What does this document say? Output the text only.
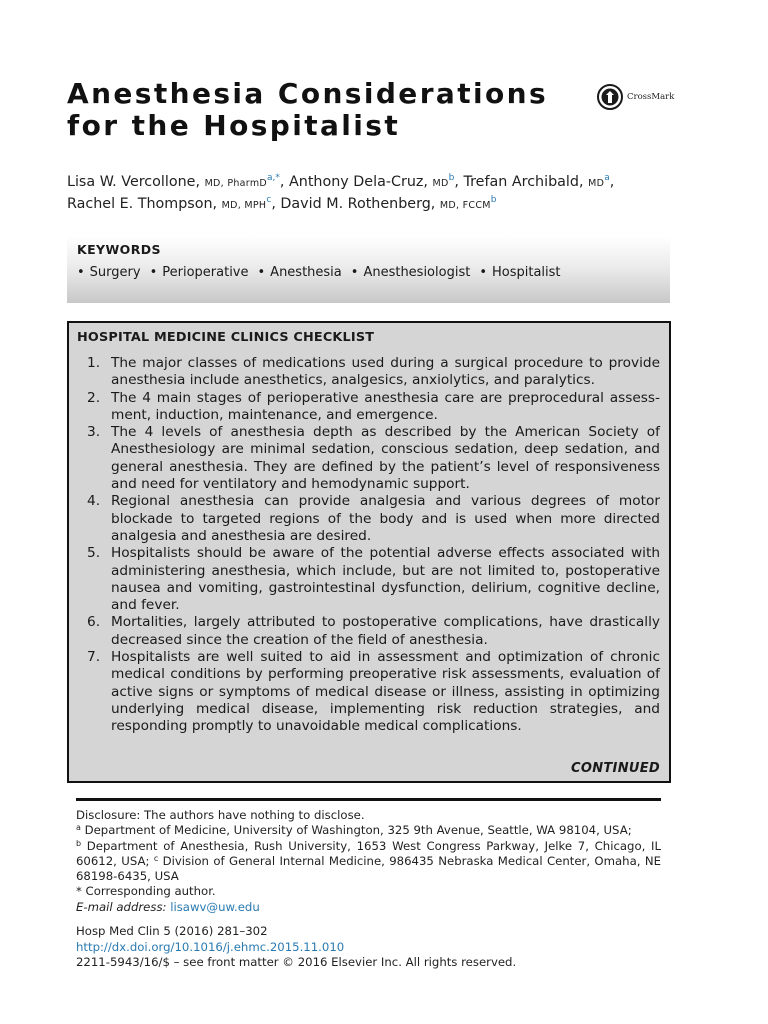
Anesthesia Considerations
for the Hospitalist
CrossMark
Lisa W. Vercollone, MD, PharmD$^{a,*}$, Anthony Dela-Cruz, $MD^b$, Trefan Archibald, $MD^a$,
Rachel E. Thompson, MD, MPH$^c$, David M. Rothenberg, MD, FCCM$^b$
KEYWORDS
• Surgery	• Perioperative	• Anesthesia	• Anesthesiologist	• Hospitalist
HOSPITAL MEDICINE CLINICS CHECKLIST
1. The major classes of medications used during a surgical procedure to provide anesthesia include anesthetics, analgesics, anxiolytics, and paralytics.
2. The 4 main stages of perioperative anesthesia care are preprocedural assessment, induction, maintenance, and emergence.
3. The 4 levels of anesthesia depth as described by the American Society of Anesthesiology are minimal sedation, conscious sedation, deep sedation, and general anesthesia. They are defined by the patient’s level of responsiveness and need for ventilatory and hemodynamic support.
4. Regional anesthesia can provide analgesia and various degrees of motor blockade to targeted regions of the body and is used when more directed analgesia and anesthesia are desired.
5. Hospitalists should be aware of the potential adverse effects associated with administering anesthesia, which include, but are not limited to, postoperative nausea and vomiting, gastrointestinal dysfunction, delirium, cognitive decline, and fever.
6. Mortalities, largely attributed to postoperative complications, have drastically decreased since the creation of the field of anesthesia.
7. Hospitalists are well suited to aid in assessment and optimization of chronic medical conditions by performing preoperative risk assessments, evaluation of active signs or symptoms of medical disease or illness, assisting in optimizing underlying medical disease, implementing risk reduction strategies, and responding promptly to unavoidable medical complications.
CONTINUED

Disclosure: The authors have nothing to disclose.

$^a$ Department of Medicine, University of Washington, 325 9th Avenue, Seattle, WA 98104, USA;
$^b$ Department of Anesthesia, Rush University, 1653 West Congress Parkway, Jelke 7, Chicago, IL 60612, USA; $^c$ Division of General Internal Medicine, 986435 Nebraska Medical Center, Omaha, NE 68198-6435, USA

* Corresponding author.

E-mail address: lisawv@uw.edu

Hosp Med Clin 5 (2016) 281–302

http://dx.doi.org/10.1016/j.ehmc.2015.11.010

2211-5943/16/$ – see front matter © 2016 Elsevier Inc. All rights reserved.
